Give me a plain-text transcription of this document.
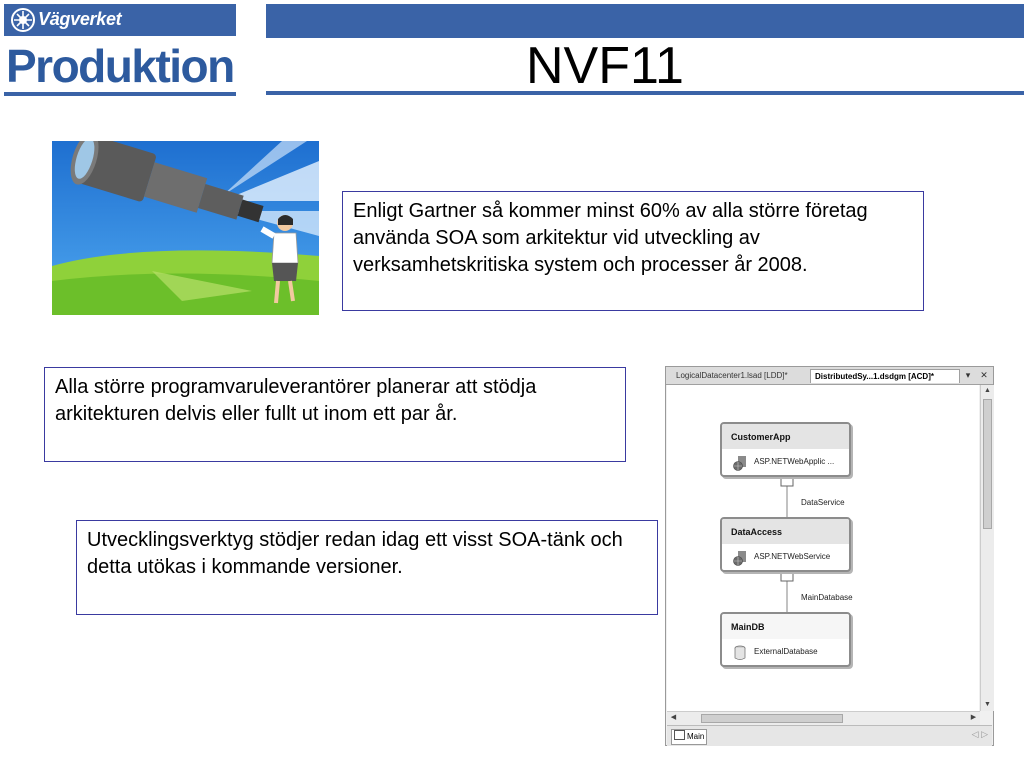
Vägverket
Produktion	NVF11
Enligt Gartner så kommer minst 60% av alla större företag använda SOA som arkitektur vid utveckling av verksamhetskritiska system och processer år 2008.
Alla större programvaruleverantörer planerar att stödja arkitekturen delvis eller fullt ut inom ett par år.
Utvecklingsverktyg stödjer redan idag ett visst SOA-tänk och detta utökas i kommande versioner.
LogicalDatacenter1.lsad [LDD]*	DistributedSy...1.dsdgm [ACD]*	▾	✕
CustomerApp
ASP.NETWebApplic ...
DataService
DataAccess
ASP.NETWebService
MainDatabase
MainDB
ExternalDatabase
▲
▼
◀	▶
Main	◁ ▷
